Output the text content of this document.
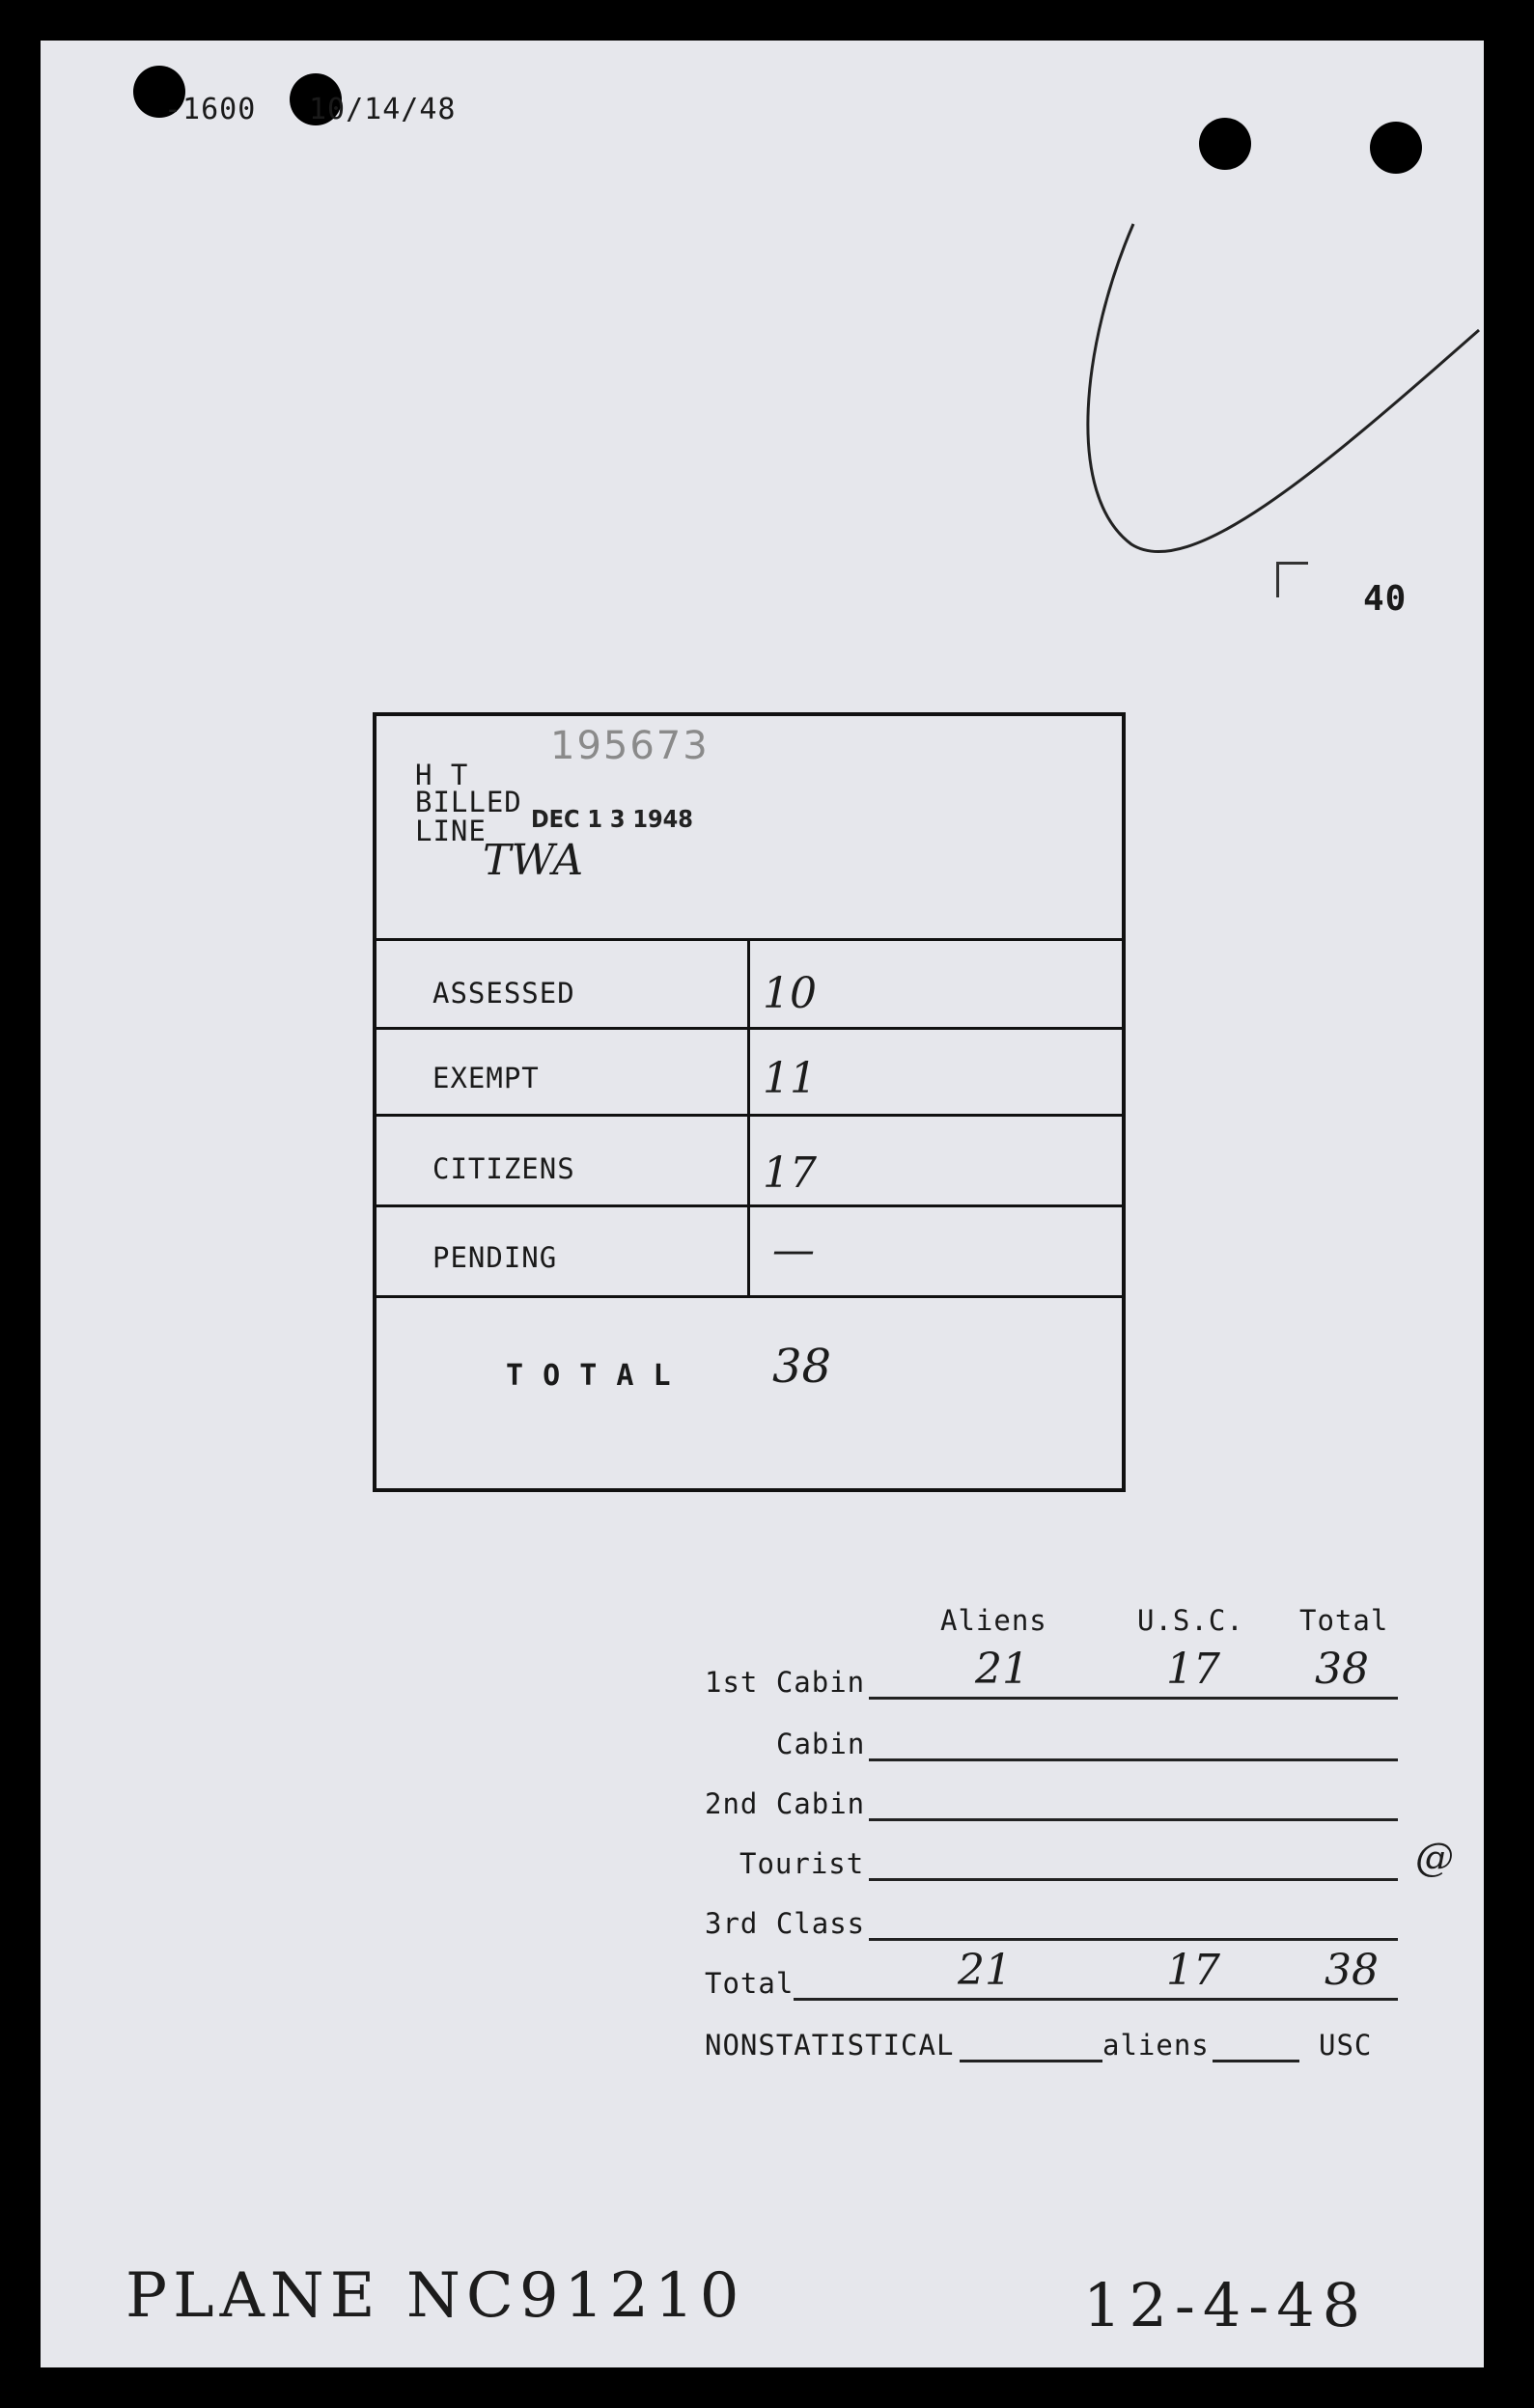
-1600 10/14/48
40
195673
H T
BILLED
LINE DEC 1 3 1948
TWA
ASSESSED	10
EXEMPT	11
CITIZENS	17
PENDING	—
T O T A L 38
Aliens	U.S.C. Total
1st Cabin	21	17 38
Cabin
2nd Cabin
Tourist	@
3rd Class
Total	21	17 38
NONSTATISTICAL	aliens	USC
PLANE NC91210	12-4-48
